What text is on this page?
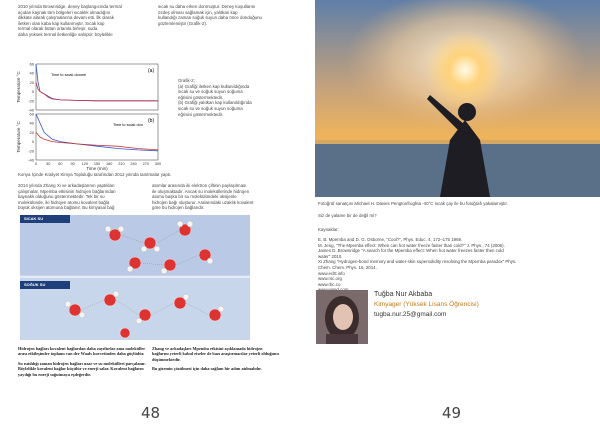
2010 yılında Brownridge, deney başlangıcında termal

açıdan kaynak tüm bölgeleri sıcaklık olmadığını

dikkate alarak çalışmalarına devam etti. İlk olarak

iletken olan kaba kap kullanmıştır. Sıcak kap

termal olarak bütün ortamla birleşir, suda

daha yüksek termal iletkenliğe sahiptir; böylelikle

sıcak su daha erken donmuştur. Deney koşullarını

özdeş olması sağlamak için, yalıtkan kap

kullandığı zaman soğuk suyun daha önce donduğunu

gözlemlemiştir (Grafik-2).

-40
-20
0
20
40
60
Temperature °C
(a)
Time to sıcak donme
-40
-20
0
20
40
60
Temperature °C
(b)
Time to sıcak don
0 30 60 90 120 150 180 210 240 270 300
Time (min)

Grafik-2;

(a) Grafiği iletken kap kullanıldığında

sıcak su ve soğuk suyun soğuma

eğrisini göstermektedir.

(b) Grafiği yalıtkan kap kullanıldığında

sıcak su ve soğuk suyun soğuma

eğrisini göstermektedir.

Konya İçinde Kraliyet Kimya Topluluğu tarafından 2012 yılında tanıtmalar yaptı.

2014 yılında Zhang Xi ve arkadaşlarının yaptıkları

çalışmalar, Mpemba etkisinin hidrojen bağlarından

kaynaklı olduğunu göstermektedir. Tek bir su

molekülünde, iki hidrojen atomu kovalent bağla

büyük oksijen atomuna bağlanır. Bu kimyasal bağ

atomlar arasında iki elektron çiftinin paylaşılması

ile oluşmaktadır. Ancak su moleküllerinde hidrojen

atomu başka bir su molekülündeki oksijenle

hidrojen bağı oluşturur. Aralarındaki uzaklık kovalent

göre bu hidrojen bağlarıdır.

SICAK SU
SOĞUK SU

Hidrojen bağları kovalent bağlardan daha zayıftırlar ama moleküller arası etkileşimler toplamı van der Waals kuvvetinden daha güçlüdür.

Su ısıtıldığı zaman hidrojen bağları uzar ve su molekülleri parçalanır. Böylelikle kovalent bağlar küçülür ve enerji salar. Kovalent bağların yaydığı bu enerji soğutmaya eşdeğerdir.

Zhang ve arkadaşları Mpemba etkisini açıklamada hidrojen bağlarını yeterli kabul etseler de bazı araştırmacılar yeterli olduğunu düşünmektedir.

Bu gizemin çözülmesi için daha sağlam bir adım atılmalıdır.

48
Fotoğraf sanatçısı Michael H. Davies Pengtonfrughta -40°C sıcak çay ile bu fotoğrafı yakalamıştır.
Siz de yalame bir de değil mi?
Kaynaklar:

E. B. Mpemba and D. G. Osborne, "Cool?", Phys. Educ. 4, 172–175 1969.

M. Jeng, "The Mpemba effect: When can hot water freeze faster than cold?" J. Phys., 74 (2006).

James D. Brownridge "A search for the Mpemba effect: When hot water freezes faster then cold

water" 2010.

Xi Zhang "Hydrogen-bond memory and water-skin supersolidity resolving the Mpemba paradox" Phys.

Chem. Chem. Phys. 16, 2014.

www.ecltt.info

www.rsc.org

www.rbc.co

Tuğba Nur Akbaba
Kimyager (Yüksek Lisans Öğrencisi)
tugba.nur.25@gmail.com
49
